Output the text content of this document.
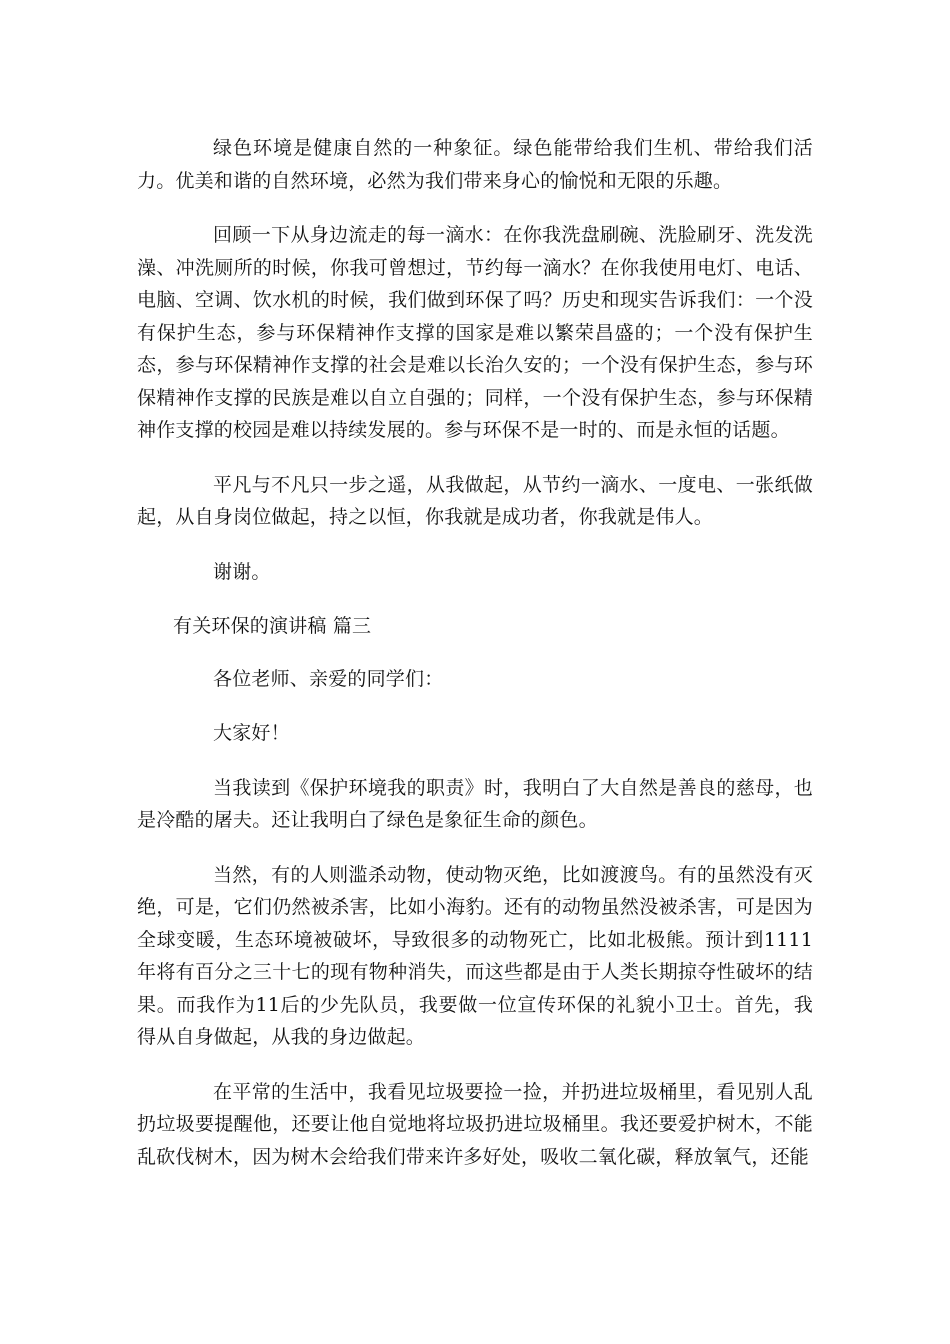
绿色环境是健康自然的一种象征。绿色能带给我们生机、带给我们活力。优美和谐的自然环境，必然为我们带来身心的愉悦和无限的乐趣。

回顾一下从身边流走的每一滴水：在你我洗盘刷碗、洗脸刷牙、洗发洗澡、冲洗厕所的时候，你我可曾想过，节约每一滴水？在你我使用电灯、电话、电脑、空调、饮水机的时候，我们做到环保了吗？历史和现实告诉我们：一个没有保护生态，参与环保精神作支撑的国家是难以繁荣昌盛的；一个没有保护生态，参与环保精神作支撑的社会是难以长治久安的；一个没有保护生态，参与环保精神作支撑的民族是难以自立自强的；同样，一个没有保护生态，参与环保精神作支撑的校园是难以持续发展的。参与环保不是一时的、而是永恒的话题。

平凡与不凡只一步之遥，从我做起，从节约一滴水、一度电、一张纸做起，从自身岗位做起，持之以恒，你我就是成功者，你我就是伟人。

谢谢。

有关环保的演讲稿 篇三

各位老师、亲爱的同学们：

大家好！

当我读到《保护环境我的职责》时，我明白了大自然是善良的慈母，也是冷酷的屠夫。还让我明白了绿色是象征生命的颜色。

当然，有的人则滥杀动物，使动物灭绝，比如渡渡鸟。有的虽然没有灭绝，可是，它们仍然被杀害，比如小海豹。还有的动物虽然没被杀害，可是因为全球变暖，生态环境被破坏，导致很多的动物死亡，比如北极熊。预计到1111年将有百分之三十七的现有物种消失，而这些都是由于人类长期掠夺性破坏的结果。而我作为11后的少先队员，我要做一位宣传环保的礼貌小卫士。首先，我得从自身做起，从我的身边做起。

在平常的生活中，我看见垃圾要捡一捡，并扔进垃圾桶里，看见别人乱扔垃圾要提醒他，还要让他自觉地将垃圾扔进垃圾桶里。我还要爱护树木，不能乱砍伐树木，因为树木会给我们带来许多好处，吸收二氧化碳，释放氧气，还能
